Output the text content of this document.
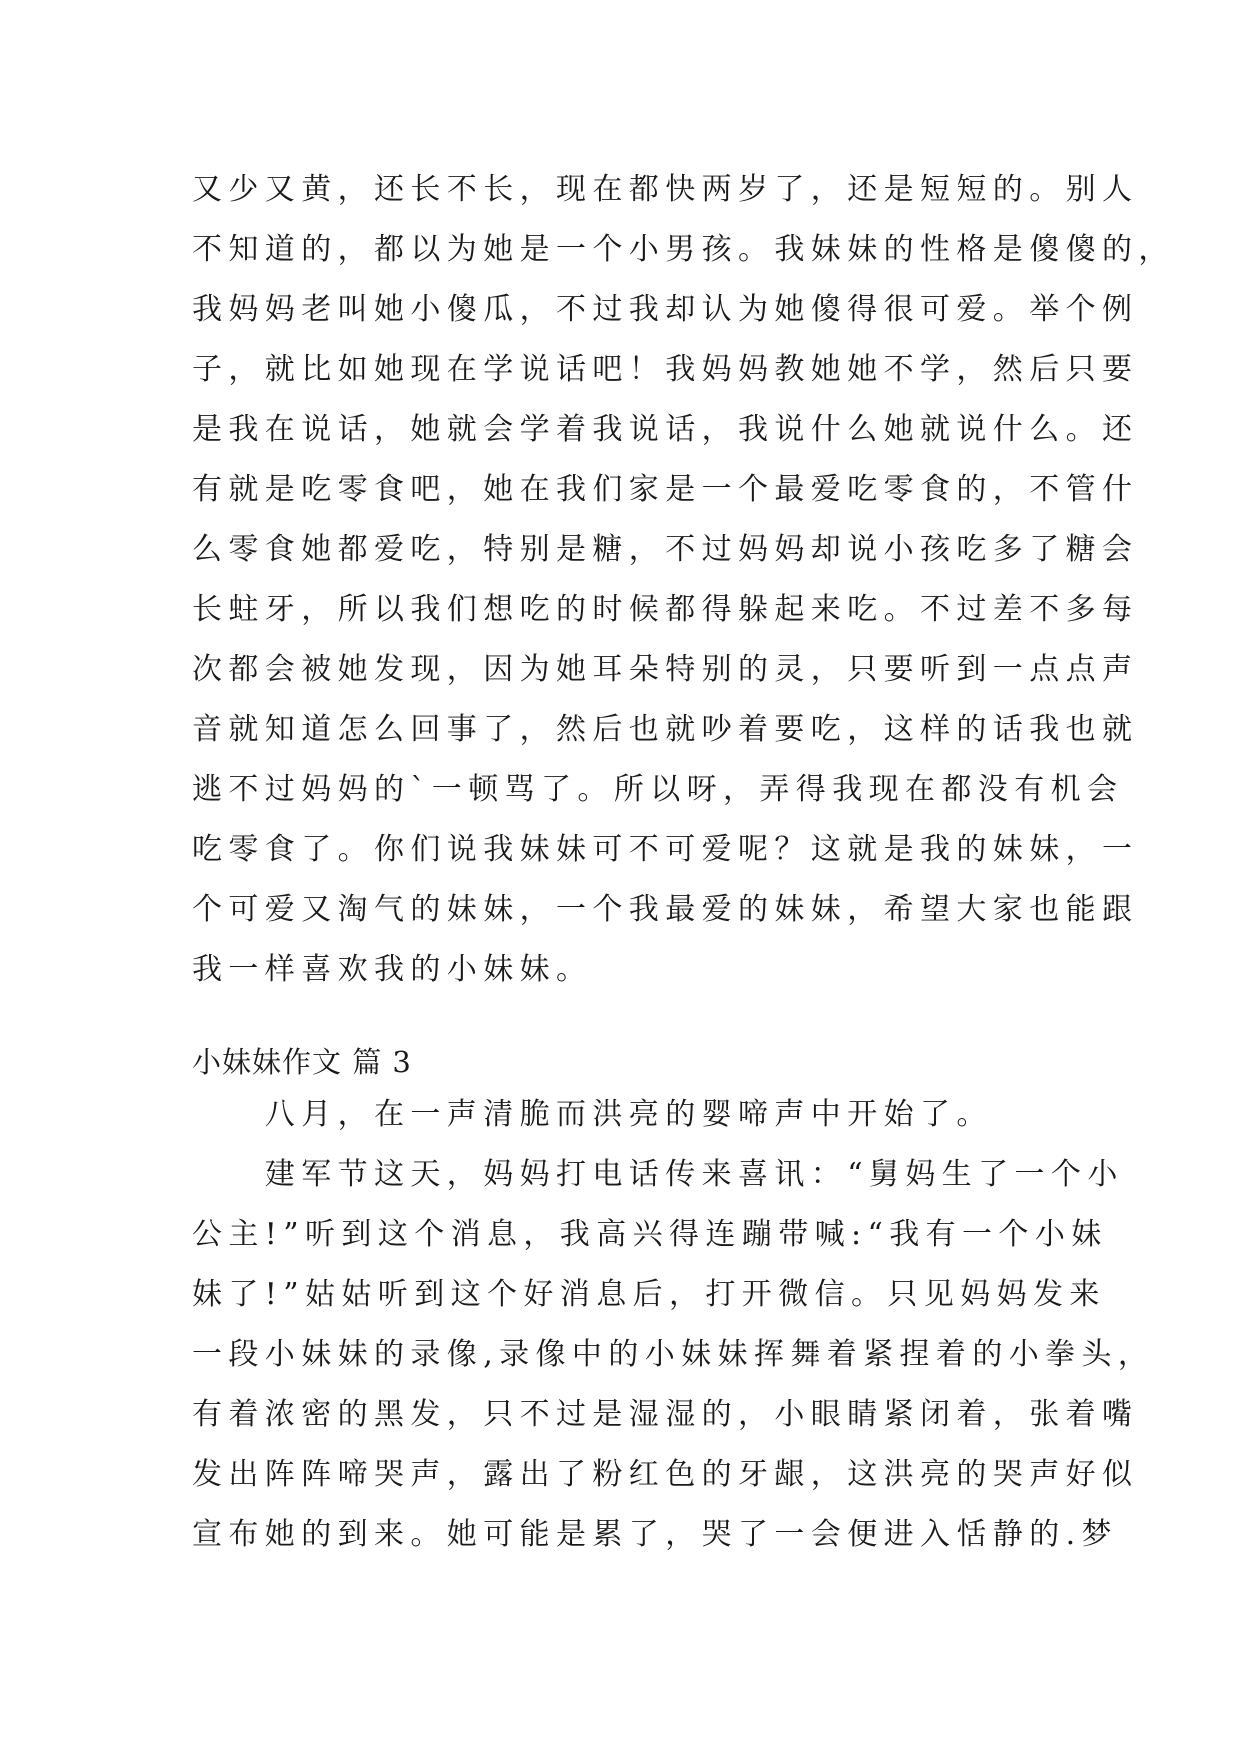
又少又黄，还长不长，现在都快两岁了，还是短短的。别人
不知道的，都以为她是一个小男孩。我妹妹的性格是傻傻的，
我妈妈老叫她小傻瓜，不过我却认为她傻得很可爱。举个例
子，就比如她现在学说话吧！我妈妈教她她不学，然后只要
是我在说话，她就会学着我说话，我说什么她就说什么。还
有就是吃零食吧，她在我们家是一个最爱吃零食的，不管什
么零食她都爱吃，特别是糖，不过妈妈却说小孩吃多了糖会
长蛀牙，所以我们想吃的时候都得躲起来吃。不过差不多每
次都会被她发现，因为她耳朵特别的灵，只要听到一点点声
音就知道怎么回事了，然后也就吵着要吃，这样的话我也就
逃不过妈妈的`一顿骂了。所以呀，弄得我现在都没有机会
吃零食了。你们说我妹妹可不可爱呢？这就是我的妹妹，一
个可爱又淘气的妹妹，一个我最爱的妹妹，希望大家也能跟
我一样喜欢我的小妹妹。
小妹妹作文 篇 3
　　八月，在一声清脆而洪亮的婴啼声中开始了。
　　建军节这天，妈妈打电话传来喜讯：“舅妈生了一个小
公主!”听到这个消息，我高兴得连蹦带喊:“我有一个小妹
妹了!”姑姑听到这个好消息后，打开微信。只见妈妈发来
一段小妹妹的录像,录像中的小妹妹挥舞着紧捏着的小拳头，
有着浓密的黑发，只不过是湿湿的，小眼睛紧闭着，张着嘴
发出阵阵啼哭声，露出了粉红色的牙龈，这洪亮的哭声好似
宣布她的到来。她可能是累了，哭了一会便进入恬静的.梦
